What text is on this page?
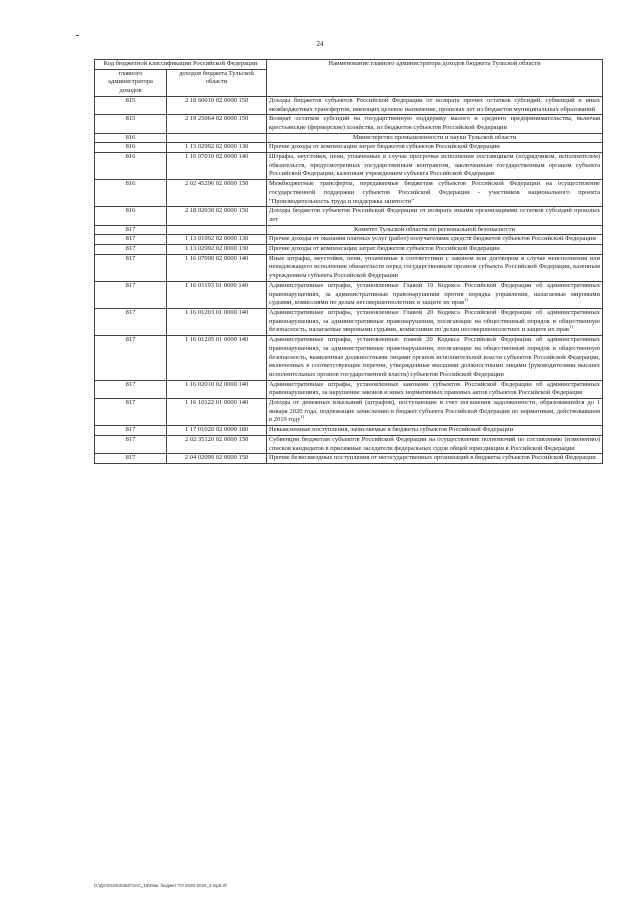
24
Код бюджетной классификации Российской Федерации		Наименование главного администратора доходов бюджета Тульской области
главного администратора доходов	доходов бюджета Тульской области	
815	2 18 60010 02 0000 150	Доходы бюджетов субъектов Российской Федерации от возврата прочих остатков субсидий, субвенций и иных межбюджетных трансфертов, имеющих целевое назначение, прошлых лет из бюджетов муниципальных образований
815	2 19 25064 02 0000 150	Возврат остатков субсидий на государственную поддержку малого и среднего предпринимательства, включая крестьянские (фермерские) хозяйства, из бюджетов субъектов Российской Федерации
816		Министерство промышленности и науки Тульской области
816	1 13 02992 02 0000 130	Прочие доходы от компенсации затрат бюджетов субъектов Российской Федерации
816	1 16 07010 02 0000 140	Штрафы, неустойки, пени, уплаченные в случае просрочки исполнения поставщиком (подрядчиком, исполнителем) обязательств, предусмотренных государственным контрактом, заключенным государственным органом субъекта Российской Федерации, казенным учреждением субъекта Российской Федерации
816	2 02 45296 02 0000 150	Межбюджетные трансферты, передаваемые бюджетам субъектов Российской Федерации на осуществление государственной поддержки субъектов Российской Федерации - участников национального проекта "Производительность труда и поддержка занятости"
816	2 18 02030 02 0000 150	Доходы бюджетов субъектов Российской Федерации от возврата иными организациями остатков субсидий прошлых лет
817		Комитет Тульской области по региональной безопасности
817	1 13 01992 02 0000 130	Прочие доходы от оказания платных услуг (работ) получателями средств бюджетов субъектов Российской Федерации
817	1 13 02992 02 0000 130	Прочие доходы от компенсации затрат бюджетов субъектов Российской Федерации
817	1 16 07090 02 0000 140	Иные штрафы, неустойки, пени, уплаченные в соответствии с законом или договором в случае неисполнения или ненадлежащего исполнения обязательств перед государственным органом субъекта Российской Федерации, казенным учреждением субъекта Российской Федерации
817	1 16 01193 01 0000 140	Административные штрафы, установленные Главой 19 Кодекса Российской Федерации об административных правонарушениях, за административные правонарушения против порядка управления, налагаемые мировыми судьями, комиссиями по делам несовершеннолетних и защите их прав$^{1)}$
817	1 16 01203 01 0000 140	Административные штрафы, установленные Главой 20 Кодекса Российской Федерации об административных правонарушениях, за административные правонарушения, посягающие на общественный порядок и общественную безопасность, налагаемые мировыми судьями, комиссиями по делам несовершеннолетних и защите их прав$^{1)}$
817	1 16 01205 01 0000 140	Административные штрафы, установленные главой 20 Кодекса Российской Федерации об административных правонарушениях, за административные правонарушения, посягающие на общественный порядок и общественную безопасность, выявленные должностными лицами органов исполнительной власти субъектов Российской Федерации, включенных в соответствующие перечни, утвержденные высшими должностными лицами (руководителями высших исполнительных органов государственной власти) субъектов Российской Федерации
817	1 16 02010 02 0000 140	Административные штрафы, установленные законами субъектов Российской Федерации об административных правонарушениях, за нарушение законов и иных нормативных правовых актов субъектов Российской Федерации
817	1 16 10122 01 0000 140	Доходы от денежных взысканий (штрафов), поступающие в счет погашения задолженности, образовавшейся до 1 января 2020 года, подлежащие зачислению в бюджет субъекта Российской Федерации по нормативам, действовавшим в 2019 году$^{1)}$
817	1 17 01020 02 0000 180	Невыясненные поступления, зачисляемые в бюджеты субъектов Российской Федерации
817	2 02 35120 02 0000 150	Субвенции бюджетам субъектов Российской Федерации на осуществление полномочий по составлению (изменению) списков кандидатов в присяжные заседатели федеральных судов общей юрисдикции в Российской Федерации
817	2 04 02099 02 0000 150	Прочие безвозмездные поступления от негосударственных организаций в бюджеты субъектов Российской Федерации
D:\ДУ\2020\З\ЗБ\ГОАС_19\Изм. бюджет ТО 2020-2022_3 \пр6.rtf
